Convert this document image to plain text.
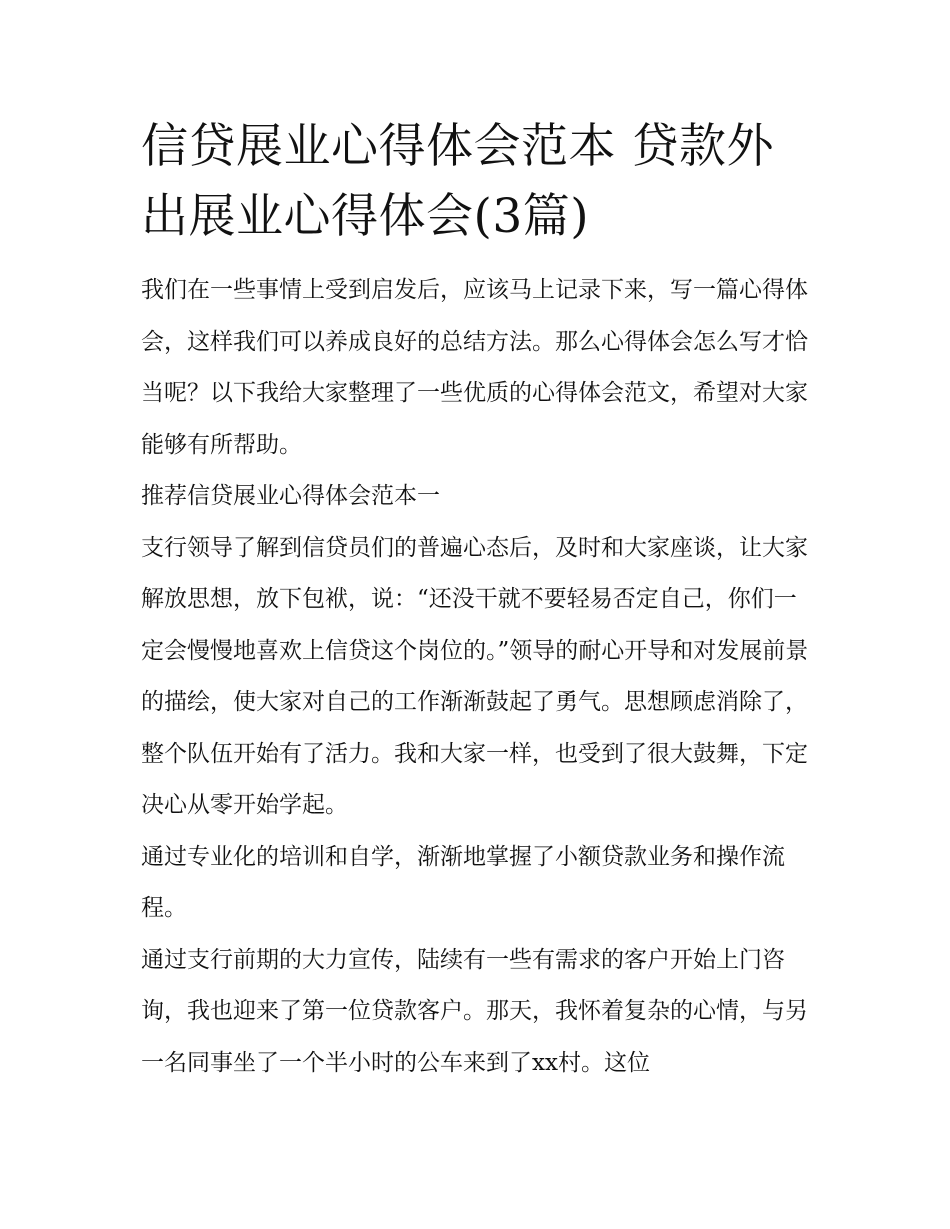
信贷展业心得体会范本 贷款外出展业心得体会(3篇)

我们在一些事情上受到启发后，应该马上记录下来，写一篇心得体会，这样我们可以养成良好的总结方法。那么心得体会怎么写才恰当呢？以下我给大家整理了一些优质的心得体会范文，希望对大家能够有所帮助。

推荐信贷展业心得体会范本一

支行领导了解到信贷员们的普遍心态后，及时和大家座谈，让大家解放思想，放下包袱，说：“还没干就不要轻易否定自己，你们一定会慢慢地喜欢上信贷这个岗位的。”领导的耐心开导和对发展前景的描绘，使大家对自己的工作渐渐鼓起了勇气。思想顾虑消除了，整个队伍开始有了活力。我和大家一样，也受到了很大鼓舞，下定决心从零开始学起。

通过专业化的培训和自学，渐渐地掌握了小额贷款业务和操作流程。

通过支行前期的大力宣传，陆续有一些有需求的客户开始上门咨询，我也迎来了第一位贷款客户。那天，我怀着复杂的心情，与另一名同事坐了一个半小时的公车来到了xx村。这位
